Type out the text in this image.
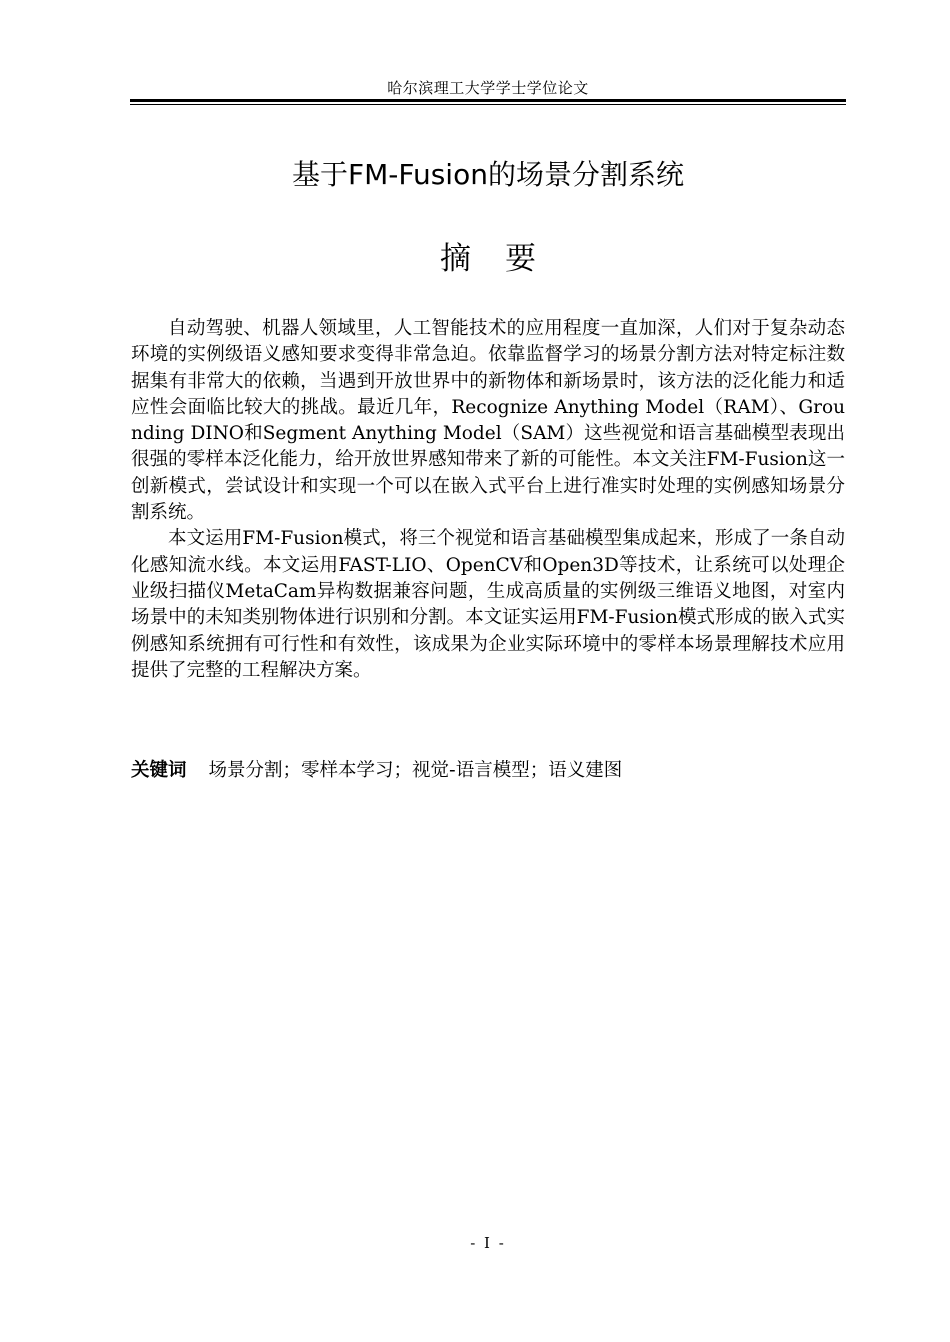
哈尔滨理工大学学士学位论文
基于FM-Fusion的场景分割系统
摘要

自动驾驶、机器人领域里，人工智能技术的应用程度一直加深，人们对于复杂动态环境的实例级语义感知要求变得非常急迫。依靠监督学习的场景分割方法对特定标注数据集有非常大的依赖，当遇到开放世界中的新物体和新场景时，该方法的泛化能力和适应性会面临比较大的挑战。最近几年，Recognize Anything Model（RAM）、Grounding DINO和Segment Anything Model（SAM）这些视觉和语言基础模型表现出很强的零样本泛化能力，给开放世界感知带来了新的可能性。本文关注FM-Fusion这一创新模式，尝试设计和实现一个可以在嵌入式平台上进行准实时处理的实例感知场景分割系统。

本文运用FM-Fusion模式，将三个视觉和语言基础模型集成起来，形成了一条自动化感知流水线。本文运用FAST-LIO、OpenCV和Open3D等技术，让系统可以处理企业级扫描仪MetaCam异构数据兼容问题，生成高质量的实例级三维语义地图，对室内场景中的未知类别物体进行识别和分割。本文证实运用FM-Fusion模式形成的嵌入式实例感知系统拥有可行性和有效性，该成果为企业实际环境中的零样本场景理解技术应用提供了完整的工程解决方案。

关键词 场景分割；零样本学习；视觉-语言模型；语义建图
- I -
